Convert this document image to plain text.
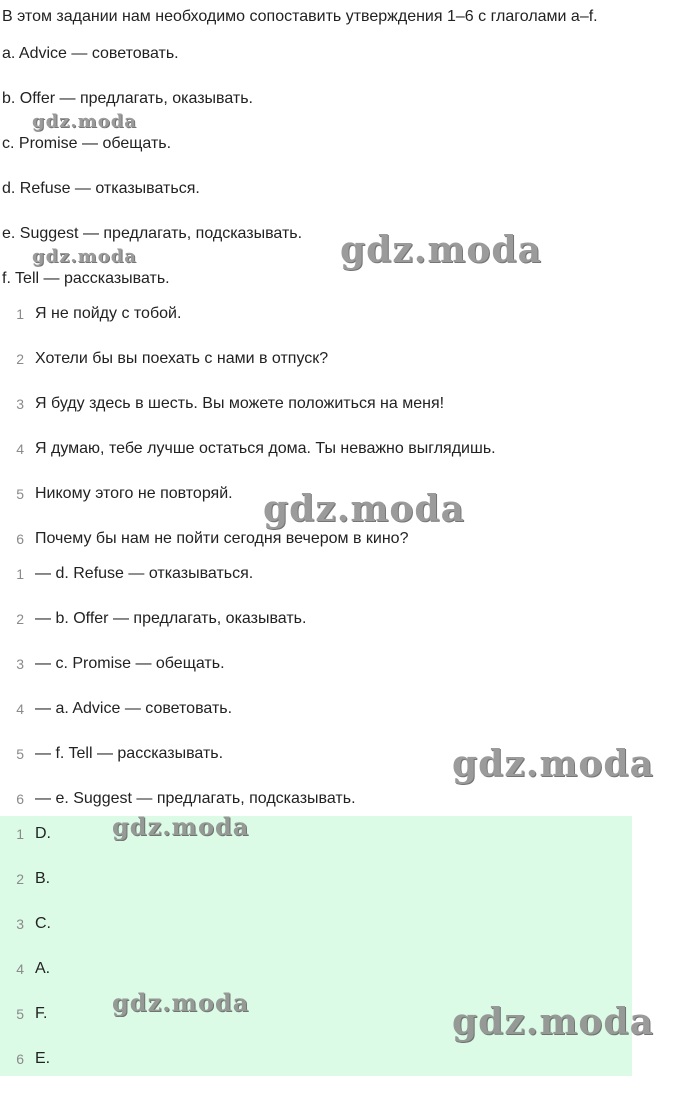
В этом задании нам необходимо сопоставить утверждения 1–6 с глаголами a–f.
a. Advice — советовать.
b. Offer — предлагать, оказывать.
c. Promise — обещать.
d. Refuse — отказываться.
e. Suggest — предлагать, подсказывать.
f. Tell — рассказывать.
1 Я не пойду с тобой.
2 Хотели бы вы поехать с нами в отпуск?
3 Я буду здесь в шесть. Вы можете положиться на меня!
4 Я думаю, тебе лучше остаться дома. Ты неважно выглядишь.
5 Никому этого не повторяй.
6 Почему бы нам не пойти сегодня вечером в кино?
1 — d. Refuse — отказываться.
2 — b. Offer — предлагать, оказывать.
3 — c. Promise — обещать.
4 — a. Advice — советовать.
5 — f. Tell — рассказывать.
6 — e. Suggest — предлагать, подсказывать.
1 D.
2 B.
3 C.
4 A.
5 F.
6 E.
gdz.moda
gdz.moda
gdz.moda
gdz.moda
gdz.moda
gdz.moda
gdz.moda	gdz.moda
